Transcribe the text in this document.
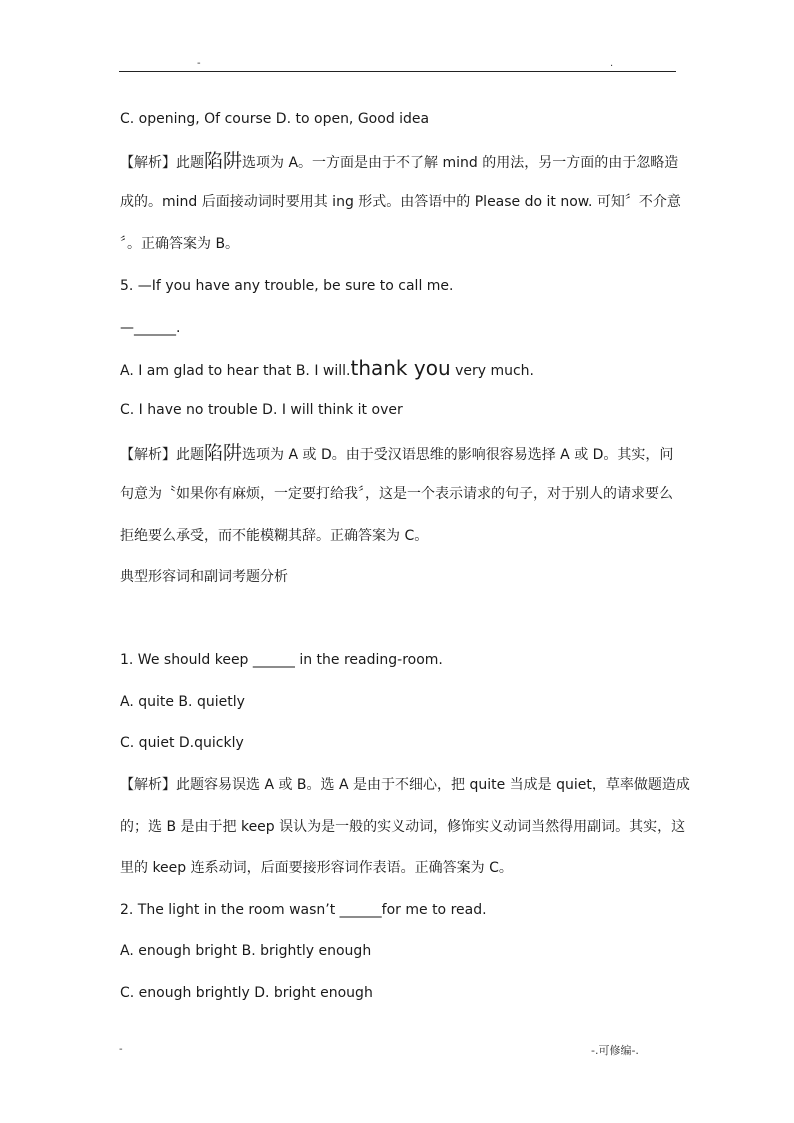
-	.
C. opening, Of course D. to open, Good idea
【解析】此题陷阱选项为 A。一方面是由于不了解 mind 的用法，另一方面的由于忽略造
成的。mind 后面接动词时要用其 ing 形式。由答语中的 Please do it now. 可知〞不介意
〞。正确答案为 B。
5. —If you have any trouble, be sure to call me.
—______.
A. I am glad to hear that B. I will.thank you very much.
C. I have no trouble D. I will think it over
【解析】此题陷阱选项为 A 或 D。由于受汉语思维的影响很容易选择 A 或 D。其实，问
句意为〝如果你有麻烦，一定要打给我〞，这是一个表示请求的句子，对于别人的请求要么
拒绝要么承受，而不能模糊其辞。正确答案为 C。
典型形容词和副词考题分析
1. We should keep ______ in the reading-room.
A. quite B. quietly
C. quiet D.quickly
【解析】此题容易误选 A 或 B。选 A 是由于不细心，把 quite 当成是 quiet，草率做题造成
的；选 B 是由于把 keep 误认为是一般的实义动词，修饰实义动词当然得用副词。其实，这
里的 keep 连系动词，后面要接形容词作表语。正确答案为 C。
2. The light in the room wasn’t ______for me to read.
A. enough bright B. brightly enough
C. enough brightly D. bright enough
-	-.可修编-.
